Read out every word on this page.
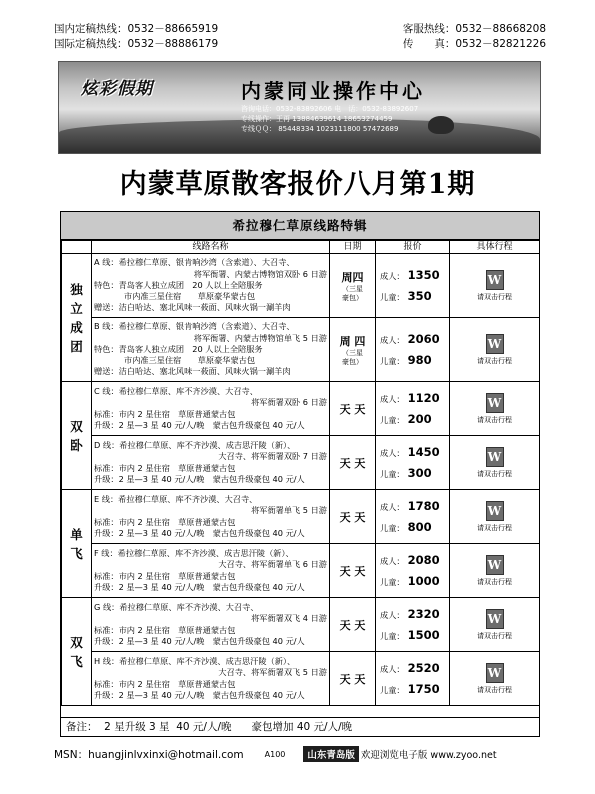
国内定稿热线：0532－88665919	客服热线：0532－88668208
国际定稿热线：0532－88886179	传　　真：0532－82821226
炫彩假期	内蒙同业操作中心
咨询电话：0532-83892606 电　话：0532-83892607
专线操作：王再 13884639614 18653274459
专线ＱＱ： 85448334 1023111800 57472689
内蒙草原散客报价八月第1期
希拉穆仁草原线路特辑
	线路名称	日期	报价	具体行程
独
立
成
团	A 线：希拉穆仁草原、银肯响沙湾（含索道）、大召寺、
将军衙署、内蒙古博物馆双卧 6 日游
特色：青岛客人独立成团　20 人以上全陪服务
市内准三星住宿　　草原豪华蒙古包
赠送：洁白哈达、塞北风味一莜面、风味火锅一涮羊肉	周四
（三星
豪包）	成人： 1350
儿童： 350	W
请双击行程

	B 线：希拉穆仁草原、银肯响沙湾（含索道）、大召寺、
将军衙署、内蒙古博物馆单飞 5 日游
特色：青岛客人独立成团　20 人以上全陪服务
市内准三星住宿　　草原豪华蒙古包
赠送：洁白哈达、塞北风味一莜面、风味火锅一涮羊肉	周 四
（三星
豪包）	成人： 2060
儿童： 980	W
请双击行程

双
卧	C 线：希拉穆仁草原、库不齐沙漠、大召寺、
将军衙署双卧 6 日游
标准：市内 2 星住宿　草原普通蒙古包
升级：2 星—3 星 40 元/人/晚　蒙古包升级豪包 40 元/人	天 天	成人： 1120
儿童： 200	W
请双击行程

	D 线：希拉穆仁草原、库不齐沙漠、成吉思汗陵（新）、
大召寺、将军衙署双卧 7 日游
标准：市内 2 星住宿　草原普通蒙古包
升级：2 星—3 星 40 元/人/晚　蒙古包升级豪包 40 元/人	天 天	成人： 1450
儿童： 300	W
请双击行程

单
飞	E 线：希拉穆仁草原、库不齐沙漠、大召寺、
将军衙署单飞 5 日游
标准：市内 2 星住宿　草原普通蒙古包
升级：2 星—3 星 40 元/人/晚　蒙古包升级豪包 40 元/人	天 天	成人： 1780
儿童： 800	W
请双击行程

	F 线：希拉穆仁草原、库不齐沙漠、成吉思汗陵（新）、
大召寺、将军衙署单飞 6 日游
标准：市内 2 星住宿　草原普通蒙古包
升级：2 星—3 星 40 元/人/晚　蒙古包升级豪包 40 元/人	天 天	成人： 2080
儿童： 1000	W
请双击行程

双
飞	G 线：希拉穆仁草原、库不齐沙漠、大召寺、
将军衙署双飞 4 日游
标准：市内 2 星住宿　草原普通蒙古包
升级：2 星—3 星 40 元/人/晚　蒙古包升级豪包 40 元/人	天 天	成人： 2320
儿童： 1500	W
请双击行程

	H 线：希拉穆仁草原、库不齐沙漠、成吉思汗陵（新）、
大召寺、将军衙署双飞 5 日游
标准：市内 2 星住宿　草原普通蒙古包
升级：2 星—3 星 40 元/人/晚　蒙古包升级豪包 40 元/人	天 天	成人： 2520
儿童： 1750	W
请双击行程
备注：  2 星升级 3 星  40 元/人/晚      豪包增加 40 元/人/晚
MSN：huangjinlvxinxi@hotmail.com	A100	山东青岛版 欢迎浏览电子版 www.zyoo.net
